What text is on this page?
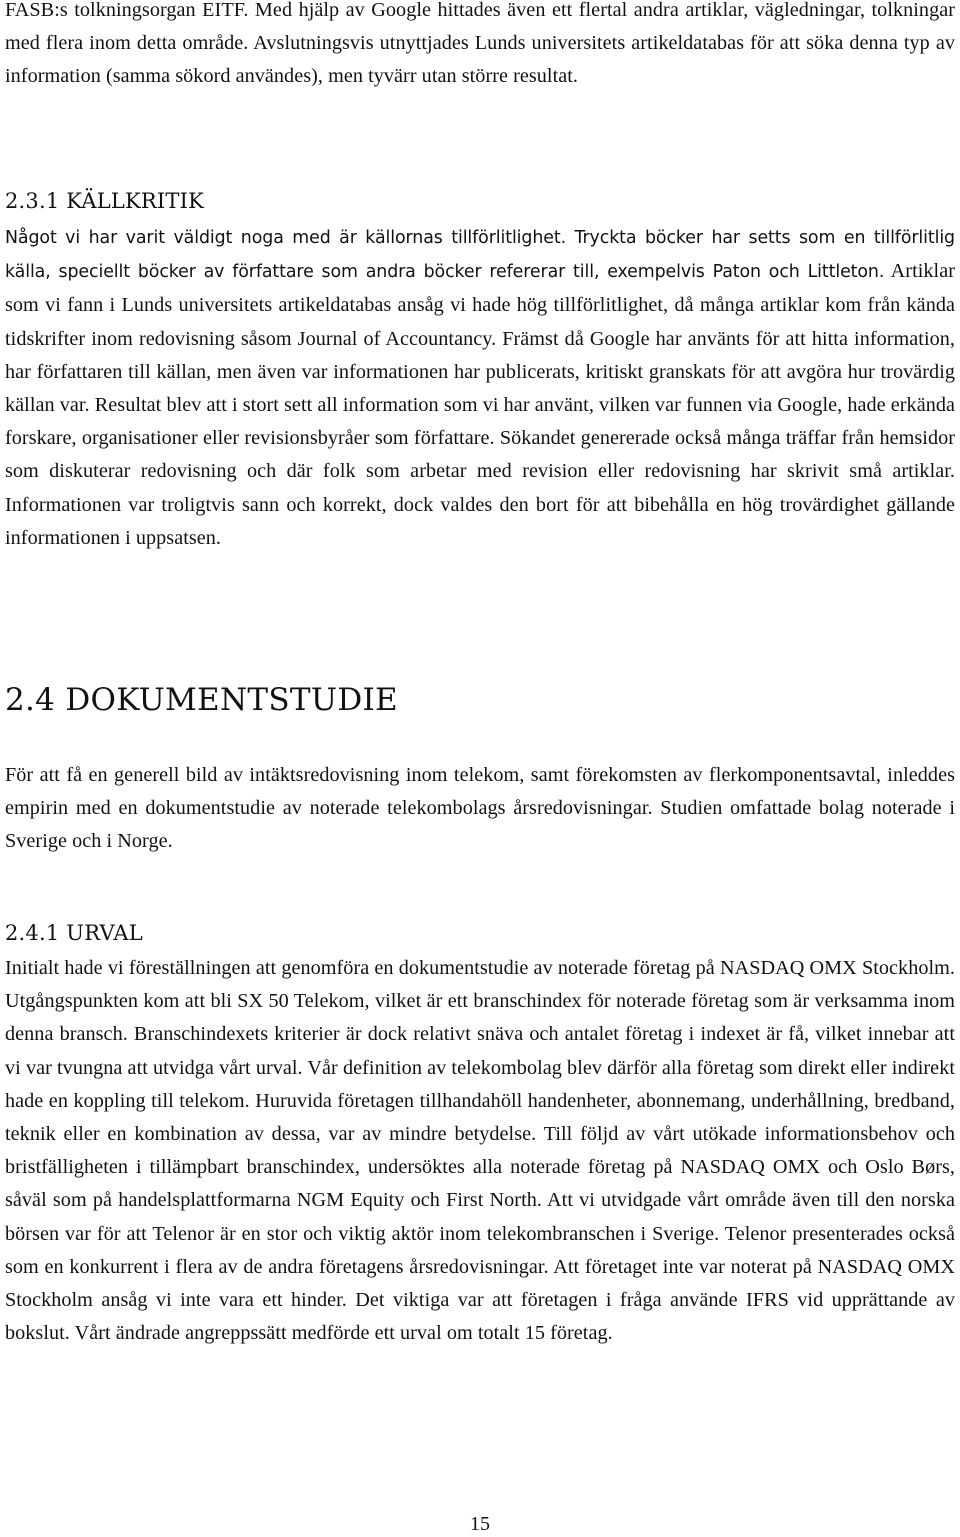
FASB:s tolkningsorgan EITF. Med hjälp av Google hittades även ett flertal andra artiklar, vägledningar, tolkningar med flera inom detta område. Avslutningsvis utnyttjades Lunds universitets artikeldatabas för att söka denna typ av information (samma sökord användes), men tyvärr utan större resultat.

2.3.1 KÄLLKRITIK

Något vi har varit väldigt noga med är källornas tillförlitlighet. Tryckta böcker har setts som en tillförlitlig källa, speciellt böcker av författare som andra böcker refererar till, exempelvis Paton och Littleton. Artiklar som vi fann i Lunds universitets artikeldatabas ansåg vi hade hög tillförlitlighet, då många artiklar kom från kända tidskrifter inom redovisning såsom Journal of Accountancy. Främst då Google har använts för att hitta information, har författaren till källan, men även var informationen har publicerats, kritiskt granskats för att avgöra hur trovärdig källan var. Resultat blev att i stort sett all information som vi har använt, vilken var funnen via Google, hade erkända forskare, organisationer eller revisionsbyråer som författare. Sökandet genererade också många träffar från hemsidor som diskuterar redovisning och där folk som arbetar med revision eller redovisning har skrivit små artiklar. Informationen var troligtvis sann och korrekt, dock valdes den bort för att bibehålla en hög trovärdighet gällande informationen i uppsatsen.

2.4 DOKUMENTSTUDIE

För att få en generell bild av intäktsredovisning inom telekom, samt förekomsten av flerkomponentsavtal, inleddes empirin med en dokumentstudie av noterade telekombolags årsredovisningar. Studien omfattade bolag noterade i Sverige och i Norge.

2.4.1 URVAL

Initialt hade vi föreställningen att genomföra en dokumentstudie av noterade företag på NASDAQ OMX Stockholm. Utgångspunkten kom att bli SX 50 Telekom, vilket är ett branschindex för noterade företag som är verksamma inom denna bransch. Branschindexets kriterier är dock relativt snäva och antalet företag i indexet är få, vilket innebar att vi var tvungna att utvidga vårt urval. Vår definition av telekombolag blev därför alla företag som direkt eller indirekt hade en koppling till telekom. Huruvida företagen tillhandahöll handenheter, abonnemang, underhållning, bredband, teknik eller en kombination av dessa, var av mindre betydelse. Till följd av vårt utökade informationsbehov och bristfälligheten i tillämpbart branschindex, undersöktes alla noterade företag på NASDAQ OMX och Oslo Børs, såväl som på handelsplattformarna NGM Equity och First North. Att vi utvidgade vårt område även till den norska börsen var för att Telenor är en stor och viktig aktör inom telekombranschen i Sverige. Telenor presenterades också som en konkurrent i flera av de andra företagens årsredovisningar. Att företaget inte var noterat på NASDAQ OMX Stockholm ansåg vi inte vara ett hinder. Det viktiga var att företagen i fråga använde IFRS vid upprättande av bokslut. Vårt ändrade angreppssätt medförde ett urval om totalt 15 företag.

15
